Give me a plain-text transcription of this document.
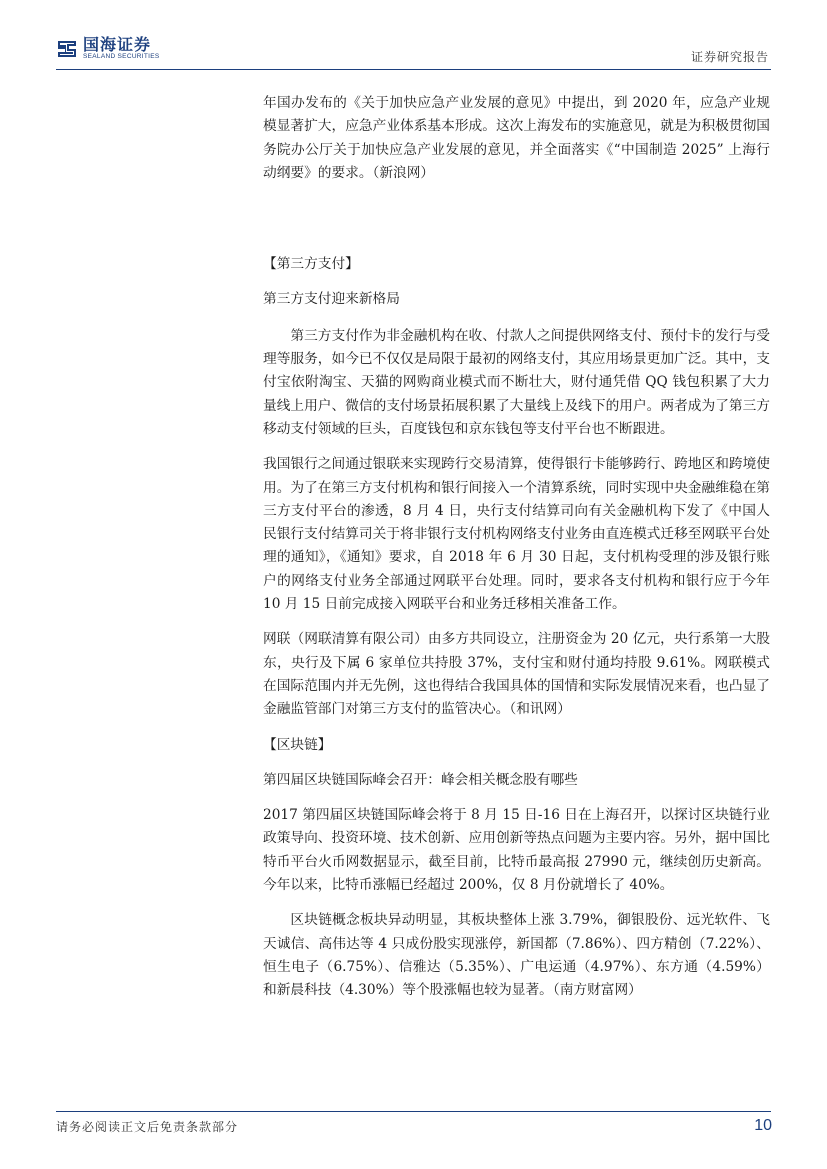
国海证券
SEALAND SECURITIES	证券研究报告

年国办发布的《关于加快应急产业发展的意见》中提出，到 2020 年，应急产业规模显著扩大，应急产业体系基本形成。这次上海发布的实施意见，就是为积极贯彻国务院办公厅关于加快应急产业发展的意见，并全面落实《“中国制造 2025” 上海行动纲要》的要求。（新浪网）

【第三方支付】

第三方支付迎来新格局

第三方支付作为非金融机构在收、付款人之间提供网络支付、预付卡的发行与受理等服务，如今已不仅仅是局限于最初的网络支付，其应用场景更加广泛。其中，支付宝依附淘宝、天猫的网购商业模式而不断壮大，财付通凭借 QQ 钱包积累了大力量线上用户、微信的支付场景拓展积累了大量线上及线下的用户。两者成为了第三方移动支付领域的巨头，百度钱包和京东钱包等支付平台也不断跟进。

我国银行之间通过银联来实现跨行交易清算，使得银行卡能够跨行、跨地区和跨境使用。为了在第三方支付机构和银行间接入一个清算系统，同时实现中央金融维稳在第三方支付平台的渗透，8 月 4 日，央行支付结算司向有关金融机构下发了《中国人民银行支付结算司关于将非银行支付机构网络支付业务由直连模式迁移至网联平台处理的通知》，《通知》要求，自 2018 年 6 月 30 日起，支付机构受理的涉及银行账户的网络支付业务全部通过网联平台处理。同时，要求各支付机构和银行应于今年 10 月 15 日前完成接入网联平台和业务迁移相关准备工作。

网联（网联清算有限公司）由多方共同设立，注册资金为 20 亿元，央行系第一大股东，央行及下属 6 家单位共持股 37%，支付宝和财付通均持股 9.61%。网联模式在国际范围内并无先例，这也得结合我国具体的国情和实际发展情况来看，也凸显了金融监管部门对第三方支付的监管决心。（和讯网）

【区块链】

第四届区块链国际峰会召开：峰会相关概念股有哪些

2017 第四届区块链国际峰会将于 8 月 15 日-16 日在上海召开，以探讨区块链行业政策导向、投资环境、技术创新、应用创新等热点问题为主要内容。另外，据中国比特币平台火币网数据显示，截至目前，比特币最高报 27990 元，继续创历史新高。今年以来，比特币涨幅已经超过 200%，仅 8 月份就增长了 40%。

区块链概念板块异动明显，其板块整体上涨 3.79%，御银股份、远光软件、飞天诚信、高伟达等 4 只成份股实现涨停，新国都（7.86%）、四方精创（7.22%）、恒生电子（6.75%）、信雅达（5.35%）、广电运通（4.97%）、东方通（4.59%）和新晨科技（4.30%）等个股涨幅也较为显著。（南方财富网）

请务必阅读正文后免责条款部分	10
